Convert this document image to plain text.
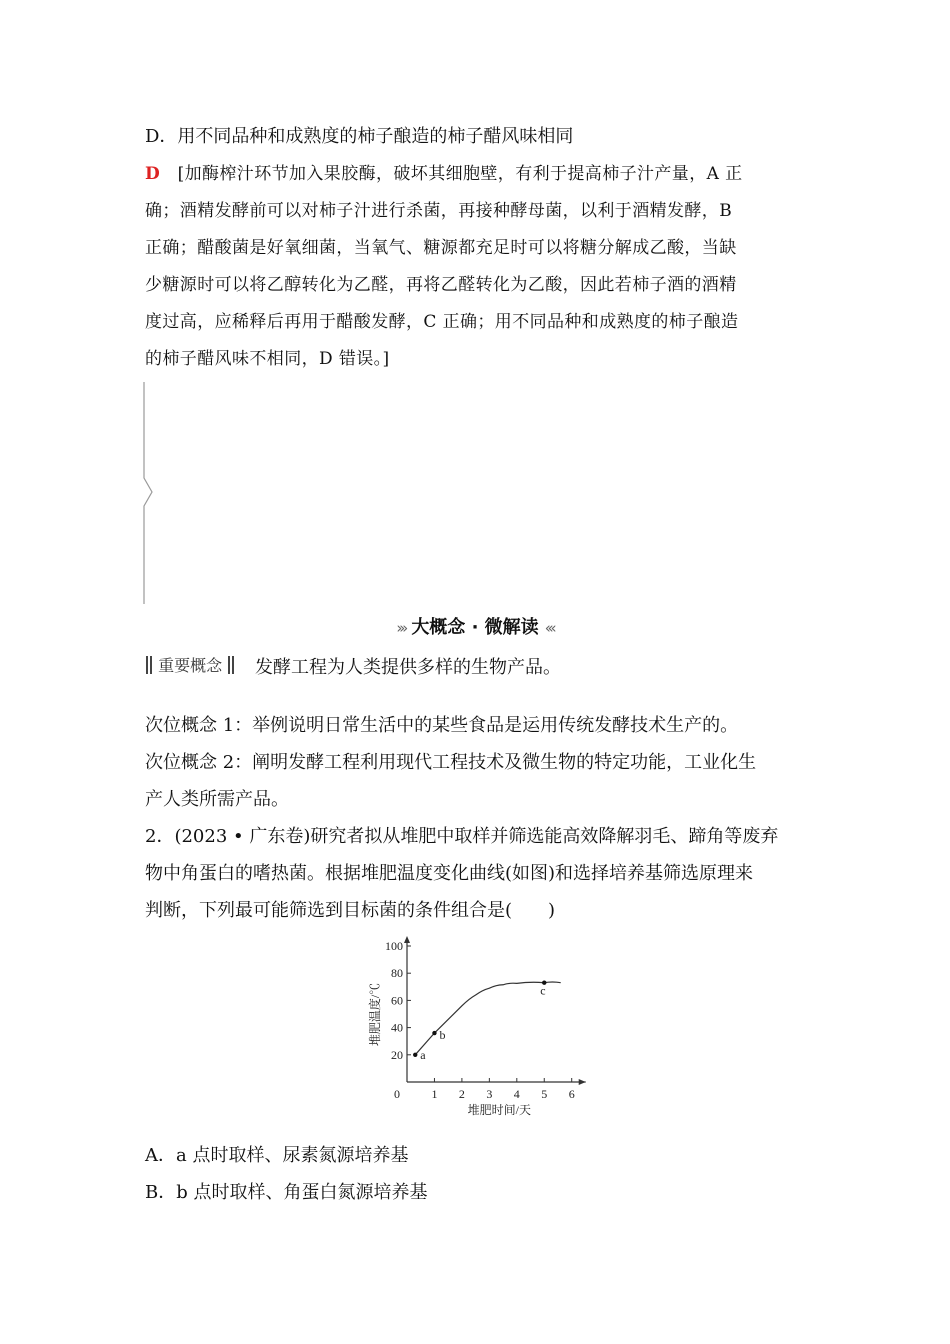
D．用不同品种和成熟度的柿子酿造的柿子醋风味相同
D [加酶榨汁环节加入果胶酶，破坏其细胞壁，有利于提高柿子汁产量，A 正
确；酒精发酵前可以对柿子汁进行杀菌，再接种酵母菌，以利于酒精发酵，B
正确；醋酸菌是好氧细菌，当氧气、糖源都充足时可以将糖分解成乙酸，当缺
少糖源时可以将乙醇转化为乙醛，再将乙醛转化为乙酸，因此若柿子酒的酒精
度过高，应稀释后再用于醋酸发酵，C 正确；用不同品种和成熟度的柿子酿造
的柿子醋风味不相同，D 错误。]
››› 大概念 · 微解读 ‹‹‹
重要概念	发酵工程为人类提供多样的生物产品。
次位概念 1：举例说明日常生活中的某些食品是运用传统发酵技术生产的。
次位概念 2：阐明发酵工程利用现代工程技术及微生物的特定功能，工业化生
产人类所需产品。
2．(2023 • 广东卷)研究者拟从堆肥中取样并筛选能高效降解羽毛、蹄角等废弃
物中角蛋白的嗜热菌。根据堆肥温度变化曲线(如图)和选择培养基筛选原理来
判断，下列最可能筛选到目标菌的条件组合是(　　)
0	1 2 3 4 5 6
20
40
60
80
100
a
b
c
堆肥时间/天
堆肥温度/℃
A．a 点时取样、尿素氮源培养基
B．b 点时取样、角蛋白氮源培养基
